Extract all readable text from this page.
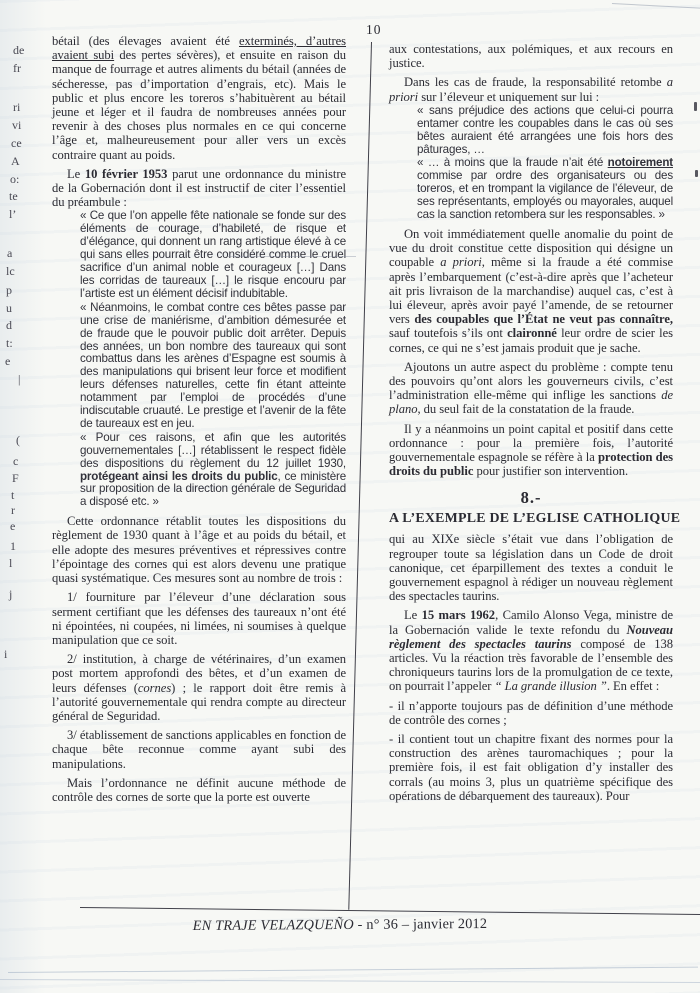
de
fr
ri
vi
ce
A
o:
te
l’
a
lc
p
u
d
t:
e
|
(
c
F
t
r
e
1
l
j
i
10

bétail (des élevages avaient été exterminés, d’autres avaient subi des pertes sévères), et ensuite en raison du manque de fourrage et autres aliments du bétail (années de sécheresse, pas d’importation d’engrais, etc). Mais le public et plus encore les toreros s’habituèrent au bétail jeune et léger et il faudra de nombreuses années pour revenir à des choses plus normales en ce qui concerne l’âge et, malheureusement pour aller vers un excès contraire quant au poids.

Le 10 février 1953 parut une ordonnance du ministre de la Gobernación dont il est instructif de citer l’essentiel du préambule :

« Ce que l’on appelle fête nationale se fonde sur des éléments de courage, d’habileté, de risque et d’élégance, qui donnent un rang artistique élevé à ce qui sans elles pourrait être considéré comme le cruel sacrifice d’un animal noble et courageux […] Dans les corridas de taureaux […] le risque encouru par l’artiste est un élément décisif indubitable.

« Néanmoins, le combat contre ces bêtes passe par une crise de maniérisme, d’ambition démesurée et de fraude que le pouvoir public doit arrêter. Depuis des années, un bon nombre des taureaux qui sont combattus dans les arènes d’Espagne est soumis à des manipulations qui brisent leur force et modifient leurs défenses naturelles, cette fin étant atteinte notamment par l’emploi de procédés d’une indiscutable cruauté. Le prestige et l’avenir de la fête de taureaux est en jeu.

« Pour ces raisons, et afin que les autorités gouvernementales […] rétablissent le respect fidèle des dispositions du règlement du 12 juillet 1930, protégeant ainsi les droits du public, ce ministère sur proposition de la direction générale de Seguridad a disposé etc. »

Cette ordonnance rétablit toutes les dispositions du règlement de 1930 quant à l’âge et au poids du bétail, et elle adopte des mesures préventives et répressives contre l’épointage des cornes qui est alors devenu une pratique quasi systématique. Ces mesures sont au nombre de trois :

1/ fourniture par l’éleveur d’une déclaration sous serment certifiant que les défenses des taureaux n’ont été ni épointées, ni coupées, ni limées, ni soumises à quelque manipulation que ce soit.

2/ institution, à charge de vétérinaires, d’un examen post mortem approfondi des bêtes, et d’un examen de leurs défenses (cornes) ; le rapport doit être remis à l’autorité gouvernementale qui rendra compte au directeur général de Seguridad.

3/ établissement de sanctions applicables en fonction de chaque bête reconnue comme ayant subi des manipulations.

Mais l’ordonnance ne définit aucune méthode de contrôle des cornes de sorte que la porte est ouverte

aux contestations, aux polémiques, et aux recours en justice.

Dans les cas de fraude, la responsabilité retombe a priori sur l’éleveur et uniquement sur lui :

« sans préjudice des actions que celui-ci pourra entamer contre les coupables dans le cas où ses bêtes auraient été arrangées une fois hors des pâturages, …

« … à moins que la fraude n’ait été notoirement commise par ordre des organisateurs ou des toreros, et en trompant la vigilance de l’éleveur, de ses représentants, employés ou mayorales, auquel cas la sanction retombera sur les responsables. »

On voit immédiatement quelle anomalie du point de vue du droit constitue cette disposition qui désigne un coupable a priori, même si la fraude a été commise après l’embarquement (c’est-à-dire après que l’acheteur ait pris livraison de la marchandise) auquel cas, c’est à lui éleveur, après avoir payé l’amende, de se retourner vers des coupables que l’État ne veut pas connaître, sauf toutefois s’ils ont claironné leur ordre de scier les cornes, ce qui ne s’est jamais produit que je sache.

Ajoutons un autre aspect du problème : compte tenu des pouvoirs qu’ont alors les gouverneurs civils, c’est l’administration elle-même qui inflige les sanctions de plano, du seul fait de la constatation de la fraude.

Il y a néanmoins un point capital et positif dans cette ordonnance : pour la première fois, l’autorité gouvernementale espagnole se réfère à la protection des droits du public pour justifier son intervention.

8.-

A L’EXEMPLE DE L’EGLISE CATHOLIQUE

qui au XIXe siècle s’était vue dans l’obligation de regrouper toute sa législation dans un Code de droit canonique, cet éparpillement des textes a conduit le gouvernement espagnol à rédiger un nouveau règlement des spectacles taurins.

Le 15 mars 1962, Camilo Alonso Vega, ministre de la Gobernación valide le texte refondu du Nouveau règlement des spectacles taurins composé de 138 articles. Vu la réaction très favorable de l’ensemble des chroniqueurs taurins lors de la promulgation de ce texte, on pourrait l’appeler “ La grande illusion ”. En effet :

- il n’apporte toujours pas de définition d’une méthode de contrôle des cornes ;

- il contient tout un chapitre fixant des normes pour la construction des arènes tauromachiques ; pour la première fois, il est fait obligation d’y installer des corrals (au moins 3, plus un quatrième spécifique des opérations de débarquement des taureaux). Pour

EN TRAJE VELAZQUEÑO - n° 36 – janvier 2012
